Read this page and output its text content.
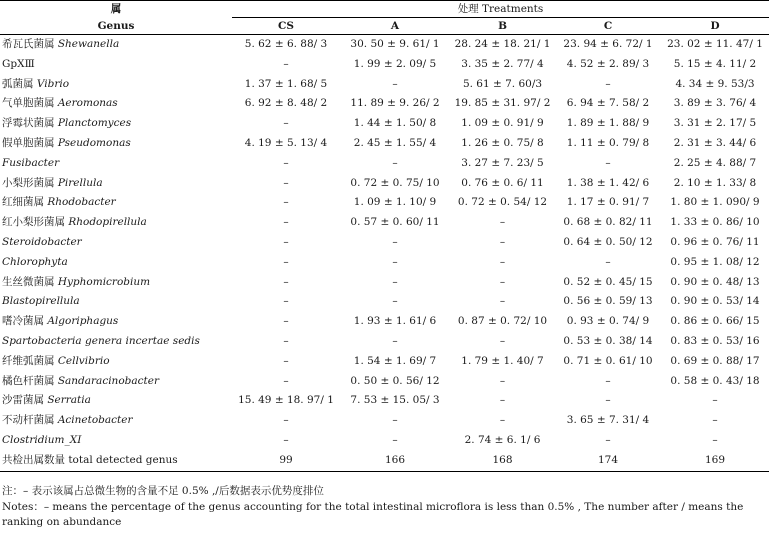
属	处理 Treatments				
Genus	CS	A	B	C	D
希瓦氏菌属 Shewanella	5. 62 ± 6. 88/ 3	30. 50 ± 9. 61/ 1	28. 24 ± 18. 21/ 1	23. 94 ± 6. 72/ 1	23. 02 ± 11. 47/ 1
GpXⅢ	–	1. 99 ± 2. 09/ 5	3. 35 ± 2. 77/ 4	4. 52 ± 2. 89/ 3	5. 15 ± 4. 11/ 2
弧菌属 Vibrio	1. 37 ± 1. 68/ 5	–	5. 61 ± 7. 60/3	–	4. 34 ± 9. 53/3
气单胞菌属 Aeromonas	6. 92 ± 8. 48/ 2	11. 89 ± 9. 26/ 2	19. 85 ± 31. 97/ 2	6. 94 ± 7. 58/ 2	3. 89 ± 3. 76/ 4
浮霉状菌属 Planctomyces	–	1. 44 ± 1. 50/ 8	1. 09 ± 0. 91/ 9	1. 89 ± 1. 88/ 9	3. 31 ± 2. 17/ 5
假单胞菌属 Pseudomonas	4. 19 ± 5. 13/ 4	2. 45 ± 1. 55/ 4	1. 26 ± 0. 75/ 8	1. 11 ± 0. 79/ 8	2. 31 ± 3. 44/ 6
Fusibacter	–	–	3. 27 ± 7. 23/ 5	–	2. 25 ± 4. 88/ 7
小梨形菌属 Pirellula	–	0. 72 ± 0. 75/ 10	0. 76 ± 0. 6/ 11	1. 38 ± 1. 42/ 6	2. 10 ± 1. 33/ 8
红细菌属 Rhodobacter	–	1. 09 ± 1. 10/ 9	0. 72 ± 0. 54/ 12	1. 17 ± 0. 91/ 7	1. 80 ± 1. 090/ 9
红小梨形菌属 Rhodopirellula	–	0. 57 ± 0. 60/ 11	–	0. 68 ± 0. 82/ 11	1. 33 ± 0. 86/ 10
Steroidobacter	–	–	–	0. 64 ± 0. 50/ 12	0. 96 ± 0. 76/ 11
Chlorophyta	–	–	–	–	0. 95 ± 1. 08/ 12
生丝微菌属 Hyphomicrobium	–	–	–	0. 52 ± 0. 45/ 15	0. 90 ± 0. 48/ 13
Blastopirellula	–	–	–	0. 56 ± 0. 59/ 13	0. 90 ± 0. 53/ 14
嗜冷菌属 Algoriphagus	–	1. 93 ± 1. 61/ 6	0. 87 ± 0. 72/ 10	0. 93 ± 0. 74/ 9	0. 86 ± 0. 66/ 15
Spartobacteria genera incertae sedis	–	–	–	0. 53 ± 0. 38/ 14	0. 83 ± 0. 53/ 16
纤维弧菌属 Cellvibrio	–	1. 54 ± 1. 69/ 7	1. 79 ± 1. 40/ 7	0. 71 ± 0. 61/ 10	0. 69 ± 0. 88/ 17
橘色杆菌属 Sandaracinobacter	–	0. 50 ± 0. 56/ 12	–	–	0. 58 ± 0. 43/ 18
沙雷菌属 Serratia	15. 49 ± 18. 97/ 1	7. 53 ± 15. 05/ 3	–	–	–
不动杆菌属 Acinetobacter	–	–	–	3. 65 ± 7. 31/ 4	–
Clostridium_XI	–	–	2. 74 ± 6. 1/ 6	–	–
共检出属数量 total detected genus	99	166	168	174	169
注：– 表示该属占总微生物的含量不足 0.5% ,/后数据表示优势度排位
Notes：– means the percentage of the genus accounting for the total intestinal microflora is less than 0.5% , The number after / means the ranking on abundance
